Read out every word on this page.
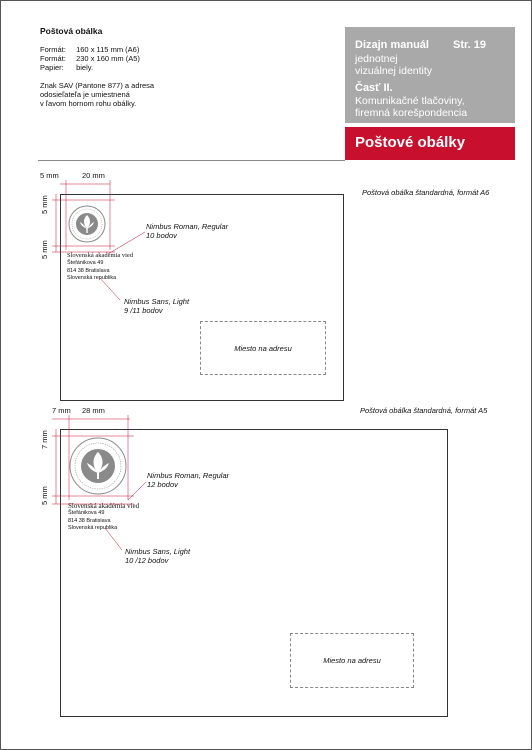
Poštová obálka
Formát: 160 x 115 mm (A6)
Formát: 230 x 160 mm (A5)
Papier: biely.
Znak SAV (Pantone 877) a adresa
odosieľateľa je umiestnená
v ľavom hornom rohu obálky.
Dizajn manuál Str. 19
jednotnej
vizuálnej identity
Časť II.
Komunikačné tlačoviny,
firemná korešpondencia
Poštové obálky
Poštová obálka štandardná, formát A6
Miesto na adresu
5 mm	20 mm
5 mm
5 mm	Slovenská akadémia vied
Štefánikova 49
814 38 Bratislava
Slovenská republika
Nimbus Roman, Regular
10 bodov
Nimbus Sans, Light
9 /11 bodov
Poštová obálka štandardná, formát A5
Miesto na adresu
7 mm 28 mm
7 mm
5 mm
Slovenská akadémia vied
Štefánikova 49
814 38 Bratislava
Slovenská republika
Nimbus Roman, Regular
12 bodov
Nimbus Sans, Light
10 /12 bodov
